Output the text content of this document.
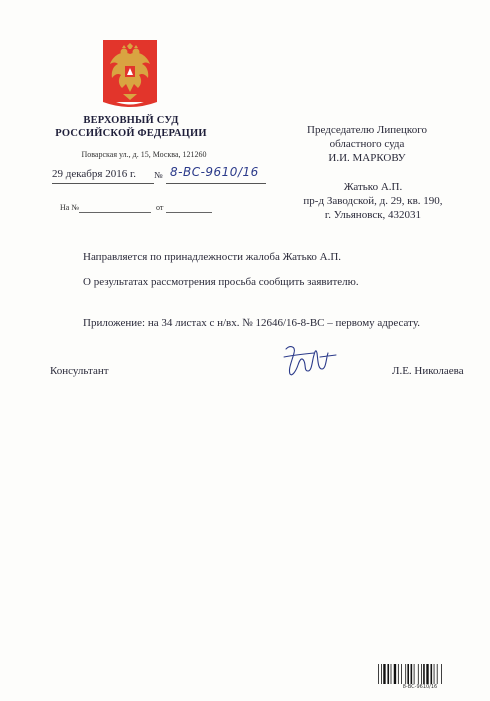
ВЕРХОВНЫЙ СУД
РОССИЙСКОЙ ФЕДЕРАЦИИ
Поварская ул., д. 15, Москва, 121260
29 декабря 2016 г. № 8-ВС-9610/16
На №	от
Председателю Липецкого
областного суда
И.И. МАРКОВУ
Жатько А.П.
пр-д Заводской, д. 29, кв. 190,
г. Ульяновск, 432031
Направляется по принадлежности жалоба Жатько А.П.
О результатах рассмотрения просьба сообщить заявителю.
Приложение: на 34 листах с н/вх. № 12646/16-8-ВС – первому адресату.
Консультант	Л.Е. Николаева
8-ВС-9610/16
